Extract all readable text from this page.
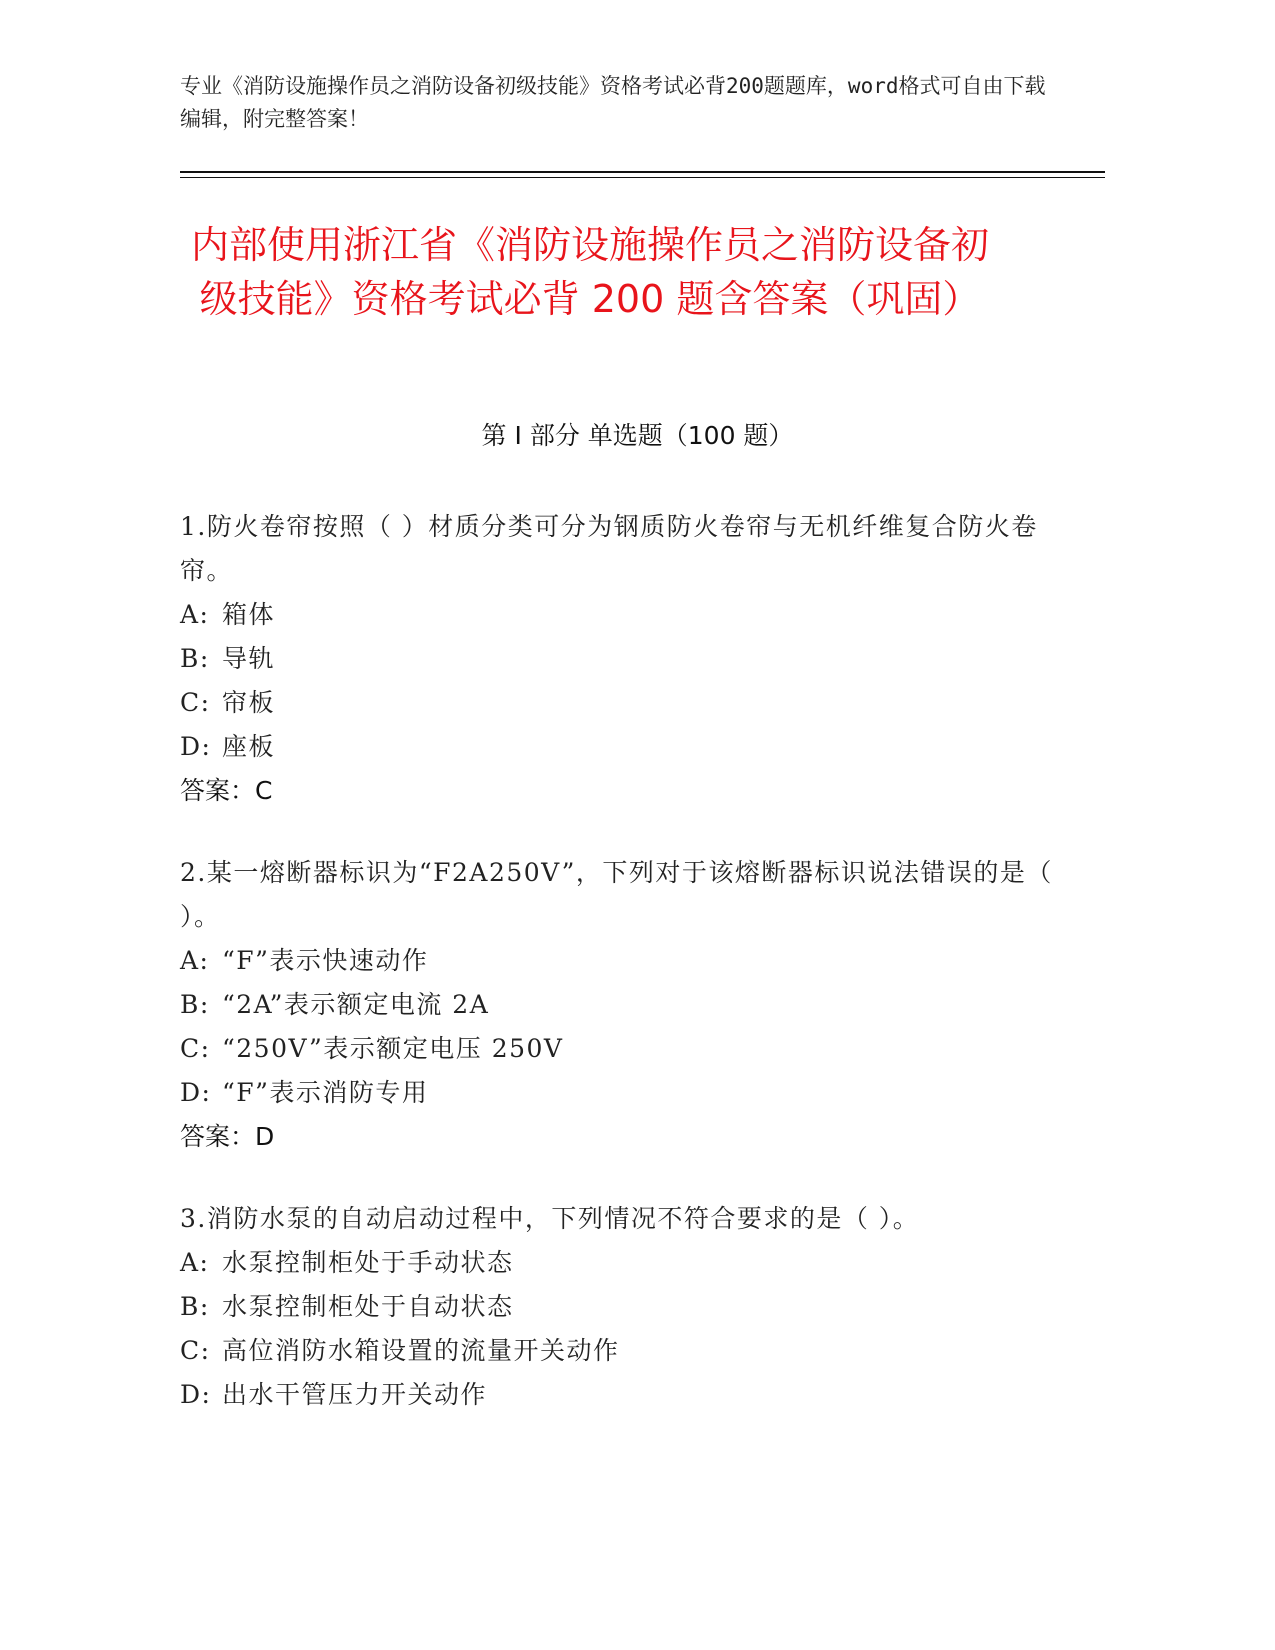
专业《消防设施操作员之消防设备初级技能》资格考试必背200题题库，word格式可自由下载编辑，附完整答案！
内部使用浙江省《消防设施操作员之消防设备初级技能》资格考试必背 200 题含答案（巩固）
第 I 部分 单选题（100 题）
1.防火卷帘按照（ ）材质分类可分为钢质防火卷帘与无机纤维复合防火卷帘。
A: 箱体
B: 导轨
C: 帘板
D: 座板
答案：C
2.某一熔断器标识为“F2A250V”，下列对于该熔断器标识说法错误的是（ ）。
A: “F”表示快速动作
B: “2A”表示额定电流 2A
C: “250V”表示额定电压 250V
D: “F”表示消防专用
答案：D
3.消防水泵的自动启动过程中，下列情况不符合要求的是（ ）。
A: 水泵控制柜处于手动状态
B: 水泵控制柜处于自动状态
C: 高位消防水箱设置的流量开关动作
D: 出水干管压力开关动作
